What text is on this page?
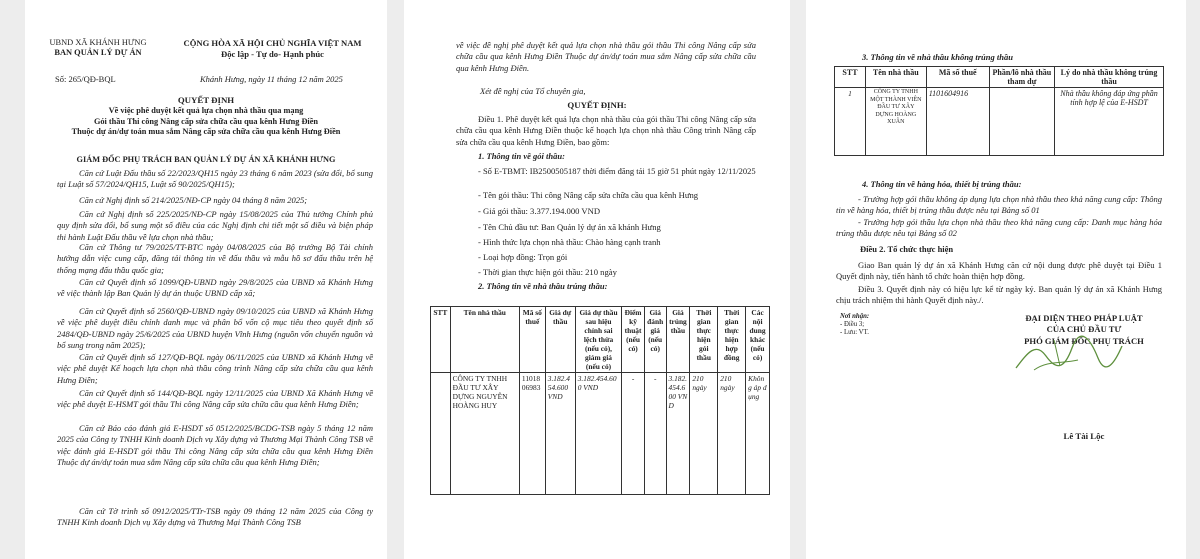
UBND XÃ KHÁNH HƯNG
BAN QUẢN LÝ DỰ ÁN
CỘNG HÒA XÃ HỘI CHỦ NGHĨA VIỆT NAM
Độc lập - Tự do- Hạnh phúc
Số: 265/QĐ-BQL	Khánh Hưng, ngày 11 tháng 12 năm 2025
QUYẾT ĐỊNH
Về việc phê duyệt kết quả lựa chọn nhà thầu qua mạng
Gói thầu Thi công Nâng cấp sửa chữa cầu qua kênh Hưng Điền
Thuộc dự án/dự toán mua sắm Nâng cấp sửa chữa cầu qua kênh Hưng Điền
GIÁM ĐỐC PHỤ TRÁCH BAN QUẢN LÝ DỰ ÁN XÃ KHÁNH HƯNG
Căn cứ Luật Đấu thầu số 22/2023/QH15 ngày 23 tháng 6 năm 2023 (sửa đổi, bổ sung tại Luật số 57/2024/QH15, Luật số 90/2025/QH15);
Căn cứ Nghị định số 214/2025/NĐ-CP ngày 04 tháng 8 năm 2025;
Căn cứ Nghị định số 225/2025/NĐ-CP ngày 15/08/2025 của Thủ tướng Chính phủ quy định sửa đổi, bổ sung một số điều của các Nghị định chi tiết một số điều và biện pháp thi hành Luật Đấu thầu về lựa chọn nhà thầu;
Căn cứ Thông tư 79/2025/TT-BTC ngày 04/08/2025 của Bộ trưởng Bộ Tài chính hướng dẫn việc cung cấp, đăng tải thông tin về đấu thầu và mẫu hồ sơ đấu thầu trên hệ thống mạng đấu thầu quốc gia;
Căn cứ Quyết định số 1099/QĐ-UBND ngày 29/8/2025 của UBND xã Khánh Hưng về việc thành lập Ban Quản lý dự án thuộc UBND cấp xã;
Căn cứ Quyết định số 2560/QĐ-UBND ngày 09/10/2025 của UBND xã Khánh Hưng về việc phê duyệt điều chỉnh danh mục và phân bổ vốn cộ mục tiêu theo quyết định số 2484/QĐ-UBND ngày 25/6/2025 của UBND huyện Vĩnh Hưng (nguồn vốn chuyển nguồn và bổ sung trong năm 2025);
Căn cứ Quyết định số 127/QĐ-BQL ngày 06/11/2025 của UBND xã Khánh Hưng về việc phê duyệt Kế hoạch lựa chọn nhà thầu công trình Nâng cấp sửa chữa cầu qua kênh Hưng Điền;
Căn cứ Quyết định số 144/QĐ-BQL ngày 12/11/2025 của UBND Xã Khánh Hưng về việc phê duyệt E-HSMT gói thầu Thi công Nâng cấp sửa chữa cầu qua kênh Hưng Điền;
Căn cứ Báo cáo đánh giá E-HSDT số 0512/2025/BCDG-TSB ngày 5 tháng 12 năm 2025 của Công ty TNHH Kinh doanh Dịch vụ Xây dựng và Thương Mại Thành Công TSB về việc đánh giá E-HSDT gói thầu Thi công Nâng cấp sửa chữa cầu qua kênh Hưng Điền Thuộc dự án/dự toán mua sắm Nâng cấp sửa chữa cầu qua kênh Hưng Điền;
Căn cứ Tờ trình số 0912/2025/TTr-TSB ngày 09 tháng 12 năm 2025 của Công ty TNHH Kinh doanh Dịch vụ Xây dựng và Thương Mại Thành Công TSB
về việc đề nghị phê duyệt kết quả lựa chọn nhà thầu gói thầu Thi công Nâng cấp sửa chữa cầu qua kênh Hưng Điền Thuộc dự án/dự toán mua sắm Nâng cấp sửa chữa cầu qua kênh Hưng Điền.
Xét đề nghị của Tổ chuyên gia,
QUYẾT ĐỊNH:
Điều 1. Phê duyệt kết quả lựa chọn nhà thầu của gói thầu Thi công Nâng cấp sửa chữa cầu qua kênh Hưng Điền thuộc kế hoạch lựa chọn nhà thầu Công trình Nâng cấp sửa chữa cầu qua kênh Hưng Điền, bao gồm:
1. Thông tin về gói thầu:
- Số E-TBMT: IB2500505187 thời điểm đăng tải 15 giờ 51 phút ngày 12/11/2025
- Tên gói thầu: Thi công Nâng cấp sửa chữa cầu qua kênh Hưng
- Giá gói thầu: 3.377.194.000 VND
- Tên Chủ đầu tư: Ban Quản lý dự án xã khánh Hưng
- Hình thức lựa chọn nhà thầu: Chào hàng cạnh tranh
- Loại hợp đồng: Trọn gói
- Thời gian thực hiện gói thầu: 210 ngày
2. Thông tin về nhà thầu trúng thầu:
STT	Tên nhà thầu	Mã số thuế	Giá dự thầu	Giá dự thầu sau hiệu chỉnh sai lệch thừa (nếu có), giảm giá (nếu có)	Điểm kỹ thuật (nếu có)	Giá đánh giá (nếu có)	Giá trúng thầu	Thời gian thực hiện gói thầu	Thời gian thực hiện hợp đồng	Các nội dung khác (nếu có)
	CÔNG TY TNHH ĐẦU TƯ XÂY DỰNG NGUYÊN HOÀNG HUY	1101806983	3.182.454.600 VND	3.182.454.600 VND	-	-	3.182.454.600 VND	210 ngày	210 ngày	Không áp dụng
3. Thông tin về nhà thầu không trúng thầu
STT	Tên nhà thầu	Mã số thuế	Phần/lô nhà thầu tham dự	Lý do nhà thầu không trúng thầu
1	CÔNG TY TNHH MỘT THÀNH VIÊN ĐẦU TƯ XÂY DỰNG HOÀNG XUÂN	1101604916		Nhà thầu không đáp ứng phần tính hợp lệ của E-HSDT
4. Thông tin về hàng hóa, thiết bị trúng thầu:
- Trường hợp gói thầu không áp dụng lựa chọn nhà thầu theo khả năng cung cấp: Thông tin về hàng hóa, thiết bị trúng thầu được nêu tại Bảng số 01
- Trường hợp gói thầu lựa chọn nhà thầu theo khả năng cung cấp: Danh mục hàng hóa trúng thầu được nêu tại Bảng số 02
Điều 2. Tổ chức thực hiện
Giao Ban quản lý dự án xã Khánh Hưng căn cứ nội dung được phê duyệt tại Điều 1 Quyết định này, tiến hành tổ chức hoàn thiện hợp đồng.
Điều 3. Quyết định này có hiệu lực kể từ ngày ký. Ban quản lý dự án xã Khánh Hưng chịu trách nhiệm thi hành Quyết định này./.
Nơi nhận:
- Điều 3;
- Lưu: VT.
ĐẠI DIỆN THEO PHÁP LUẬT
CỦA CHỦ ĐẦU TƯ
PHÓ GIÁM ĐỐC PHỤ TRÁCH
Lê Tài Lộc
